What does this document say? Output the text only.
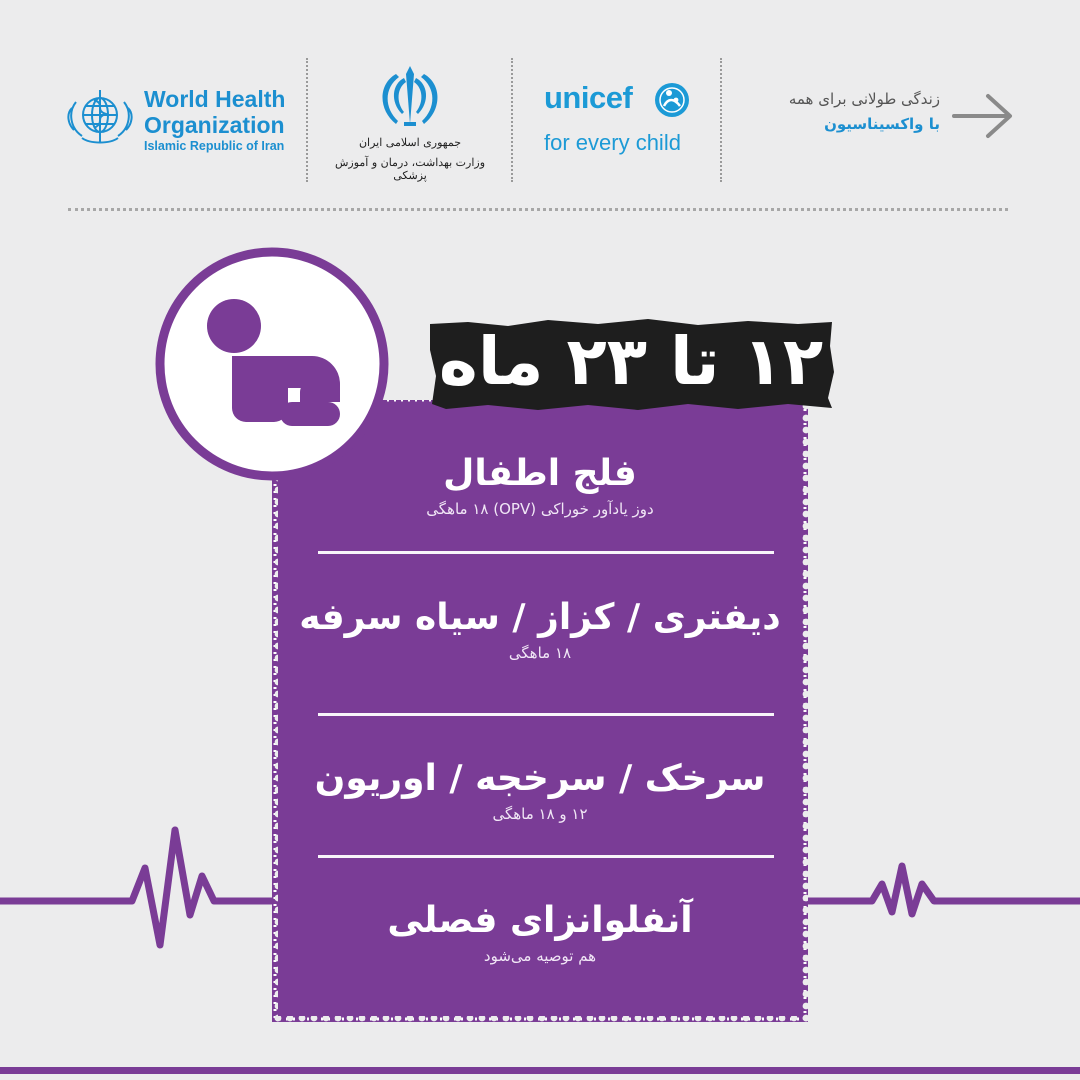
World Health
Organization
Islamic Republic of Iran	جمهوری اسلامی ایران
وزارت بهداشت، درمان و آموزش پزشکی
unicef
for every child
زندگی طولانی برای همه
با واکسیناسیون
۱۲ تا ۲۳ ماه
فلج اطفال
دوز یادآور خوراکی (OPV) ۱۸ ماهگی
دیفتری / کزاز / سیاه سرفه
۱۸ ماهگی
سرخک / سرخجه / اوریون
۱۲ و ۱۸ ماهگی
آنفلوانزای فصلی
هم توصیه می‌شود
